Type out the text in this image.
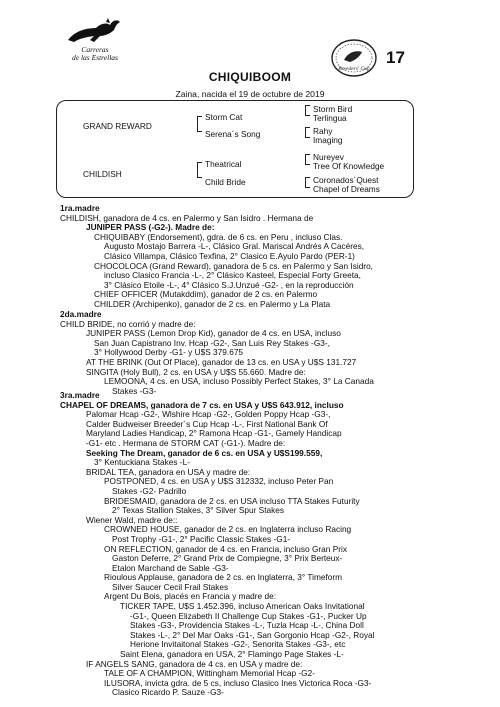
Carreras
de las Estrellas
Breeders' Cup
17
CHIQUIBOOM
Zaina, nacida el 19 de octubre de 2019
GRAND REWARD
CHILDISH
Storm Cat
Serena´s Song
Theatrical
Child Bride
Storm Bird
Terlingua
Rahy
Imaging
Nureyev
Tree Of Knowledge
Coronados´Quest
Chapel of Dreams
1ra.madre
CHILDISH, ganadora de 4 cs. en Palermo y San Isidro . Hermana de
JUNIPER PASS (-G2-). Madre de:
CHIQUIBABY (Endorsement), gdra. de 6 cs. en Peru , incluso Clas.
Augusto Mostajo Barrera -L-, Clásico Gral. Mariscal Andrés A Cacéres,
Clásico Villampa, Clásico Texfina, 2° Clasico E.Ayulo Pardo (PER-1)
CHOCOLOCA (Grand Reward), ganadora de 5 cs. en Palermo y San Isidro,
incluso Clasico Francia -L-, 2° Clásico Kasteel, Especial Forty Greeta,
3° Clásico Etoile -L-, 4° Clásico S.J.Unzué -G2- , en la reproducción
CHIEF OFFICER (Mutakddim), ganador de 2 cs. en Palermo
CHILDER (Archipenko), ganador de 2 cs. en Palermo y La Plata
2da.madre
CHILD BRIDE, no corrió y madre de:
JUNIPER PASS (Lemon Drop Kid), ganador de 4 cs. en USA, incluso
San Juan Capistrano Inv. Hcap -G2-, San Luis Rey Stakes -G3-,
3° Hollywood Derby -G1- y U$S 379.675
AT THE BRINK (Out Of Place), ganador de 13 cs. en USA y U$S 131.727
SINGITA (Holy Bull), 2 cs. en USA y U$S 55.660. Madre de:
LEMOONA, 4 cs. en USA, incluso Possibly Perfect Stakes, 3° La Canada
Stakes -G3-
3ra.madre
CHAPEL OF DREAMS, ganadora de 7 cs. en USA y U$S 643.912, incluso
Palomar Hcap -G2-, Wlshire Hcap -G2-, Golden Poppy Hcap -G3-,
Calder Budweiser Breeder´s Cup Hcap -L-, First National Bank Of
Maryland Ladies Handicap, 2° Ramona Hcap -G1-, Gamely Handicap
-G1- etc . Hermana de STORM CAT (-G1-). Madre de:
Seeking The Dream, ganador de 6 cs. en USA y U$S199.559,
3° Kentuckiana Stakes -L-
BRIDAL TEA, ganadora en USA y madre de:
POSTPONED, 4 cs. en USA y U$S 312332, incluso Peter Pan
Stakes -G2- Padrillo
BRIDESMAID, ganadora de 2 cs. en USA incluso TTA Stakes Futurity
2° Texas Stallion Stakes, 3° Silver Spur Stakes
Wiener Wald, madre de::
CROWNED HOUSE, ganador de 2 cs. en Inglaterra incluso Racing
Post Trophy -G1-, 2° Pacific Classic Stakes -G1-
ON REFLECTION, ganador de 4 cs. en Francia, incluso Gran Prix
Gaston Deferre, 2° Grand Prix de Compiegne, 3° Prix Berteux-
Etalon Marchand de Sable -G3-
Rioulous Applause, ganadora de 2 cs. en Inglaterra, 3° Timeform
Silver Saucer Cecil Frail Stakes
Argent Du Bois, placés en Francia y madre de:
TICKER TAPE, U$S 1.452.396, incluso American Oaks Invitational
-G1-, Queen Elizabeth II Challenge Cup Stakes -G1-, Pucker Up
Stakes -G3-, Providencia Stakes -L-, Tuzla Hcap -L-, China Doll
Stakes -L-, 2° Del Mar Oaks -G1-, San Gorgonio Hcap -G2-, Royal
Herione Invitaitonal Stakes -G2-, Senorita Stakes -G3-, etc
Saint Elena, ganadora en USA, 2° Flamingo Page Stakes -L-
IF ANGELS SANG, ganadora de 4 cs. en USA y madre de:
TALE OF A CHAMPION, Wittingham Memorial Hcap -G2-
ILUSORA, invicta gdra. de 5 cs, incluso Clasico Ines Victorica Roca -G3-
Clasico Ricardo P. Sauze -G3-
